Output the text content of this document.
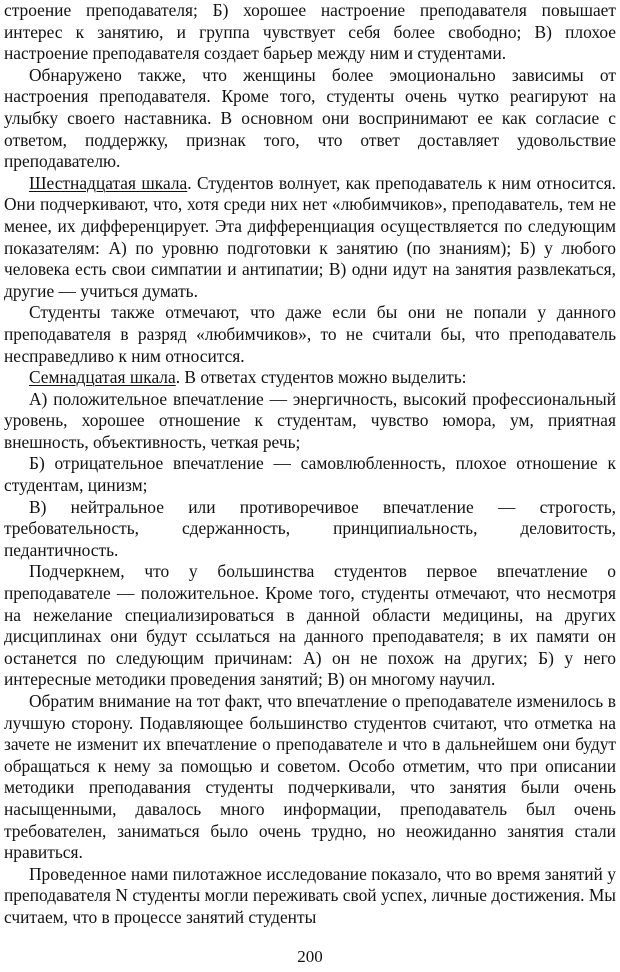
строение преподавателя; Б) хорошее настроение преподавателя повышает интерес к занятию, и группа чувствует себя более свободно; В) плохое настроение преподавателя создает барьер между ним и студентами.

Обнаружено также, что женщины более эмоционально зависимы от настроения преподавателя. Кроме того, студенты очень чутко реагируют на улыбку своего наставника. В основном они воспринимают ее как согласие с ответом, поддержку, признак того, что ответ доставляет удовольствие преподавателю.

Шестнадцатая шкала. Студентов волнует, как преподаватель к ним относится. Они подчеркивают, что, хотя среди них нет «любимчиков», преподаватель, тем не менее, их дифференцирует. Эта дифференциация осуществляется по следующим показателям: А) по уровню подготовки к занятию (по знаниям); Б) у любого человека есть свои симпатии и антипатии; В) одни идут на занятия развлекаться, другие — учиться думать.

Студенты также отмечают, что даже если бы они не попали у данного преподавателя в разряд «любимчиков», то не считали бы, что преподаватель несправедливо к ним относится.

Семнадцатая шкала. В ответах студентов можно выделить:

А) положительное впечатление — энергичность, высокий профессиональный уровень, хорошее отношение к студентам, чувство юмора, ум, приятная внешность, объективность, четкая речь;

Б) отрицательное впечатление — самовлюбленность, плохое отношение к студентам, цинизм;

В) нейтральное или противоречивое впечатление — строгость, требовательность, сдержанность, принципиальность, деловитость, педантичность.

Подчеркнем, что у большинства студентов первое впечатление о преподавателе — положительное. Кроме того, студенты отмечают, что несмотря на нежелание специализироваться в данной области медицины, на других дисциплинах они будут ссылаться на данного преподавателя; в их памяти он останется по следующим причинам: А) он не похож на других; Б) у него интересные методики проведения занятий; В) он многому научил.

Обратим внимание на тот факт, что впечатление о преподавателе изменилось в лучшую сторону. Подавляющее большинство студентов считают, что отметка на зачете не изменит их впечатление о преподавателе и что в дальнейшем они будут обращаться к нему за помощью и советом. Особо отметим, что при описании методики преподавания студенты подчеркивали, что занятия были очень насыщенными, давалось много информации, преподаватель был очень требователен, заниматься было очень трудно, но неожиданно занятия стали нравиться.

Проведенное нами пилотажное исследование показало, что во время занятий у преподавателя N студенты могли переживать свой успех, личные достижения. Мы считаем, что в процессе занятий студенты

200
